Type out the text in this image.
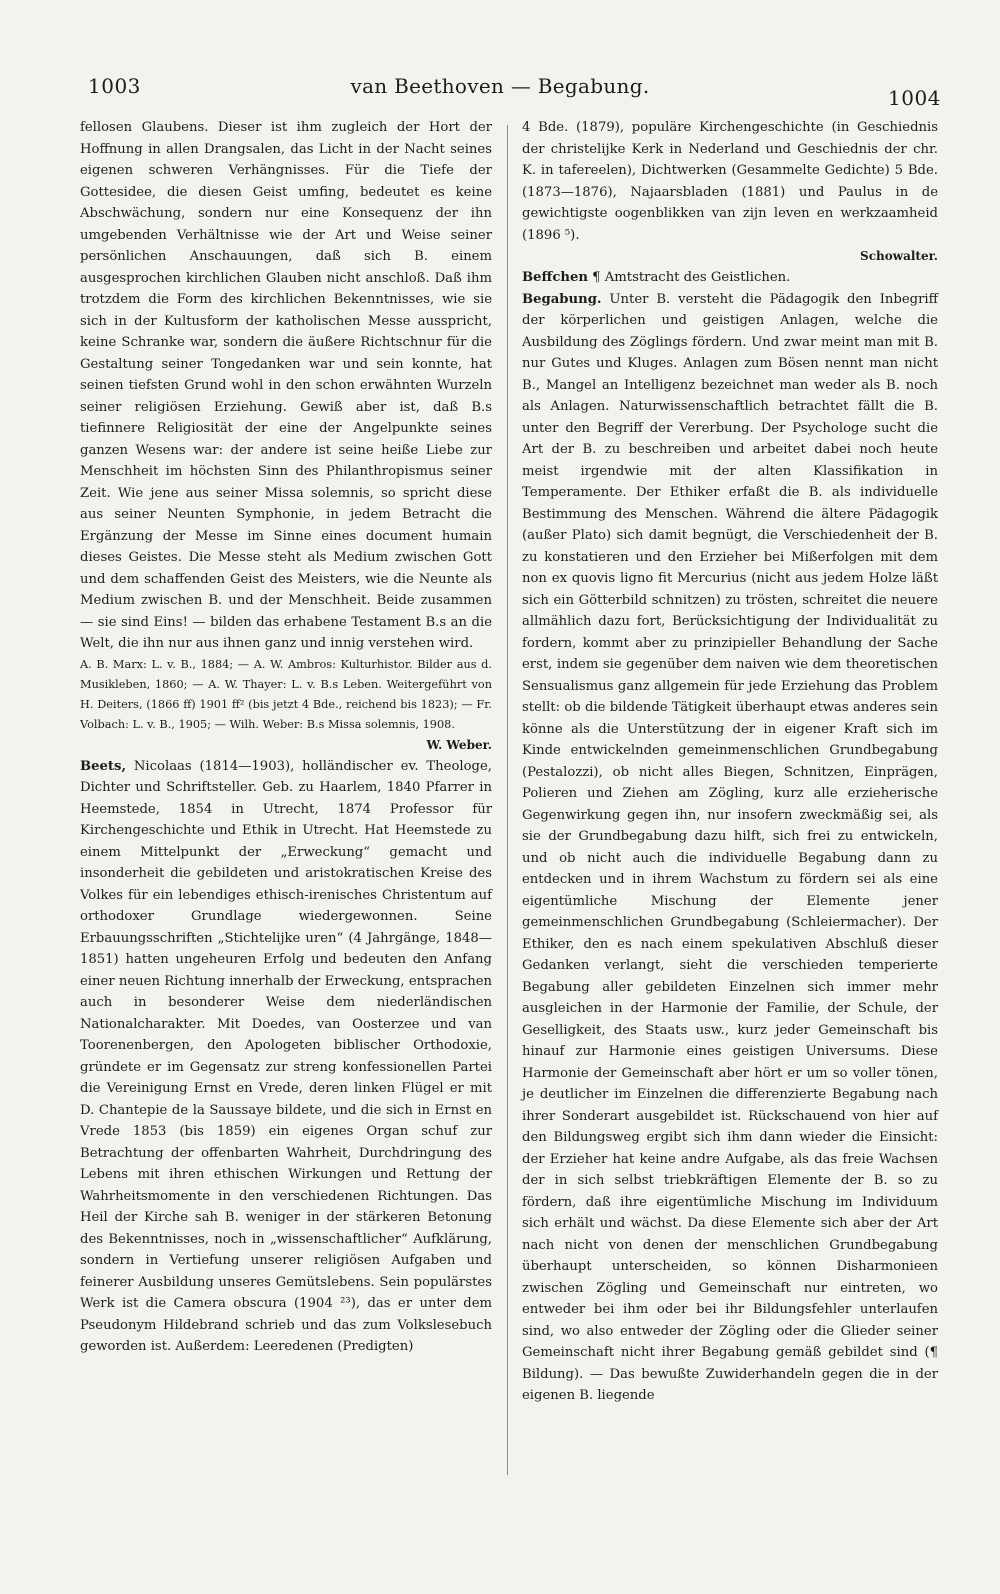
1003	van Beethoven — Begabung.	1004

fellosen Glaubens. Dieser ist ihm zugleich der Hort der Hoffnung in allen Drangsalen, das Licht in der Nacht seines eigenen schweren Verhängnisses. Für die Tiefe der Gottesidee, die diesen Geist umfing, bedeutet es keine Abschwächung, sondern nur eine Konsequenz der ihn umgebenden Verhältnisse wie der Art und Weise seiner persönlichen Anschauungen, daß sich B. einem ausgesprochen kirchlichen Glauben nicht anschloß. Daß ihm trotzdem die Form des kirchlichen Bekenntnisses, wie sie sich in der Kultusform der katholischen Messe ausspricht, keine Schranke war, sondern die äußere Richtschnur für die Gestaltung seiner Tongedanken war und sein konnte, hat seinen tiefsten Grund wohl in den schon erwähnten Wurzeln seiner religiösen Erziehung. Gewiß aber ist, daß B.s tiefinnere Religiosität der eine der Angelpunkte seines ganzen Wesens war: der andere ist seine heiße Liebe zur Menschheit im höchsten Sinn des Philanthropismus seiner Zeit. Wie jene aus seiner Missa solemnis, so spricht diese aus seiner Neunten Symphonie, in jedem Betracht die Ergänzung der Messe im Sinne eines document humain dieses Geistes. Die Messe steht als Medium zwischen Gott und dem schaffenden Geist des Meisters, wie die Neunte als Medium zwischen B. und der Menschheit. Beide zusammen — sie sind Eins! — bilden das erhabene Testament B.s an die Welt, die ihn nur aus ihnen ganz und innig verstehen wird.

A. B. Marx: L. v. B., 1884; — A. W. Ambros: Kulturhistor. Bilder aus d. Musikleben, 1860; — A. W. Thayer: L. v. B.s Leben. Weitergeführt von H. Deiters, (1866 ff) 1901 ff² (bis jetzt 4 Bde., reichend bis 1823); — Fr. Volbach: L. v. B., 1905; — Wilh. Weber: B.s Missa solemnis, 1908.

W. Weber.

Beets, Nicolaas (1814—1903), holländischer ev. Theologe, Dichter und Schriftsteller. Geb. zu Haarlem, 1840 Pfarrer in Heemstede, 1854 in Utrecht, 1874 Professor für Kirchengeschichte und Ethik in Utrecht. Hat Heemstede zu einem Mittelpunkt der „Erweckung“ gemacht und insonderheit die gebildeten und aristokratischen Kreise des Volkes für ein lebendiges ethisch-irenisches Christentum auf orthodoxer Grundlage wiedergewonnen. Seine Erbauungsschriften „Stichtelijke uren“ (4 Jahrgänge, 1848—1851) hatten ungeheuren Erfolg und bedeuten den Anfang einer neuen Richtung innerhalb der Erweckung, entsprachen auch in besonderer Weise dem niederländischen Nationalcharakter. Mit Doedes, van Oosterzee und van Toorenenbergen, den Apologeten biblischer Orthodoxie, gründete er im Gegensatz zur streng konfessionellen Partei die Vereinigung Ernst en Vrede, deren linken Flügel er mit D. Chantepie de la Saussaye bildete, und die sich in Ernst en Vrede 1853 (bis 1859) ein eigenes Organ schuf zur Betrachtung der offenbarten Wahrheit, Durchdringung des Lebens mit ihren ethischen Wirkungen und Rettung der Wahrheitsmomente in den verschiedenen Richtungen. Das Heil der Kirche sah B. weniger in der stärkeren Betonung des Bekenntnisses, noch in „wissenschaftlicher“ Aufklärung, sondern in Vertiefung unserer religiösen Aufgaben und feinerer Ausbildung unseres Gemütslebens. Sein populärstes Werk ist die Camera obscura (1904 ²³), das er unter dem Pseudonym Hildebrand schrieb und das zum Volkslesebuch geworden ist. Außerdem: Leeredenen (Predigten)

4 Bde. (1879), populäre Kirchengeschichte (in Geschiednis der christelijke Kerk in Nederland und Geschiednis der chr. K. in tafereelen), Dichtwerken (Gesammelte Gedichte) 5 Bde. (1873—1876), Najaarsbladen (1881) und Paulus in de gewichtigste oogenblikken van zijn leven en werkzaamheid (1896 ⁵).

Schowalter.

Beffchen ¶ Amtstracht des Geistlichen.

Begabung. Unter B. versteht die Pädagogik den Inbegriff der körperlichen und geistigen Anlagen, welche die Ausbildung des Zöglings fördern. Und zwar meint man mit B. nur Gutes und Kluges. Anlagen zum Bösen nennt man nicht B., Mangel an Intelligenz bezeichnet man weder als B. noch als Anlagen. Naturwissenschaftlich betrachtet fällt die B. unter den Begriff der Vererbung. Der Psychologe sucht die Art der B. zu beschreiben und arbeitet dabei noch heute meist irgendwie mit der alten Klassifikation in Temperamente. Der Ethiker erfaßt die B. als individuelle Bestimmung des Menschen. Während die ältere Pädagogik (außer Plato) sich damit begnügt, die Verschiedenheit der B. zu konstatieren und den Erzieher bei Mißerfolgen mit dem non ex quovis ligno fit Mercurius (nicht aus jedem Holze läßt sich ein Götterbild schnitzen) zu trösten, schreitet die neuere allmählich dazu fort, Berücksichtigung der Individualität zu fordern, kommt aber zu prinzipieller Behandlung der Sache erst, indem sie gegenüber dem naiven wie dem theoretischen Sensualismus ganz allgemein für jede Erziehung das Problem stellt: ob die bildende Tätigkeit überhaupt etwas anderes sein könne als die Unterstützung der in eigener Kraft sich im Kinde entwickelnden gemeinmenschlichen Grundbegabung (Pestalozzi), ob nicht alles Biegen, Schnitzen, Einprägen, Polieren und Ziehen am Zögling, kurz alle erzieherische Gegenwirkung gegen ihn, nur insofern zweckmäßig sei, als sie der Grundbegabung dazu hilft, sich frei zu entwickeln, und ob nicht auch die individuelle Begabung dann zu entdecken und in ihrem Wachstum zu fördern sei als eine eigentümliche Mischung der Elemente jener gemeinmenschlichen Grundbegabung (Schleiermacher). Der Ethiker, den es nach einem spekulativen Abschluß dieser Gedanken verlangt, sieht die verschieden temperierte Begabung aller gebildeten Einzelnen sich immer mehr ausgleichen in der Harmonie der Familie, der Schule, der Geselligkeit, des Staats usw., kurz jeder Gemeinschaft bis hinauf zur Harmonie eines geistigen Universums. Diese Harmonie der Gemeinschaft aber hört er um so voller tönen, je deutlicher im Einzelnen die differenzierte Begabung nach ihrer Sonderart ausgebildet ist. Rückschauend von hier auf den Bildungsweg ergibt sich ihm dann wieder die Einsicht: der Erzieher hat keine andre Aufgabe, als das freie Wachsen der in sich selbst triebkräftigen Elemente der B. so zu fördern, daß ihre eigentümliche Mischung im Individuum sich erhält und wächst. Da diese Elemente sich aber der Art nach nicht von denen der menschlichen Grundbegabung überhaupt unterscheiden, so können Disharmonieen zwischen Zögling und Gemeinschaft nur eintreten, wo entweder bei ihm oder bei ihr Bildungsfehler unterlaufen sind, wo also entweder der Zögling oder die Glieder seiner Gemeinschaft nicht ihrer Begabung gemäß gebildet sind (¶ Bildung). — Das bewußte Zuwiderhandeln gegen die in der eigenen B. liegende
